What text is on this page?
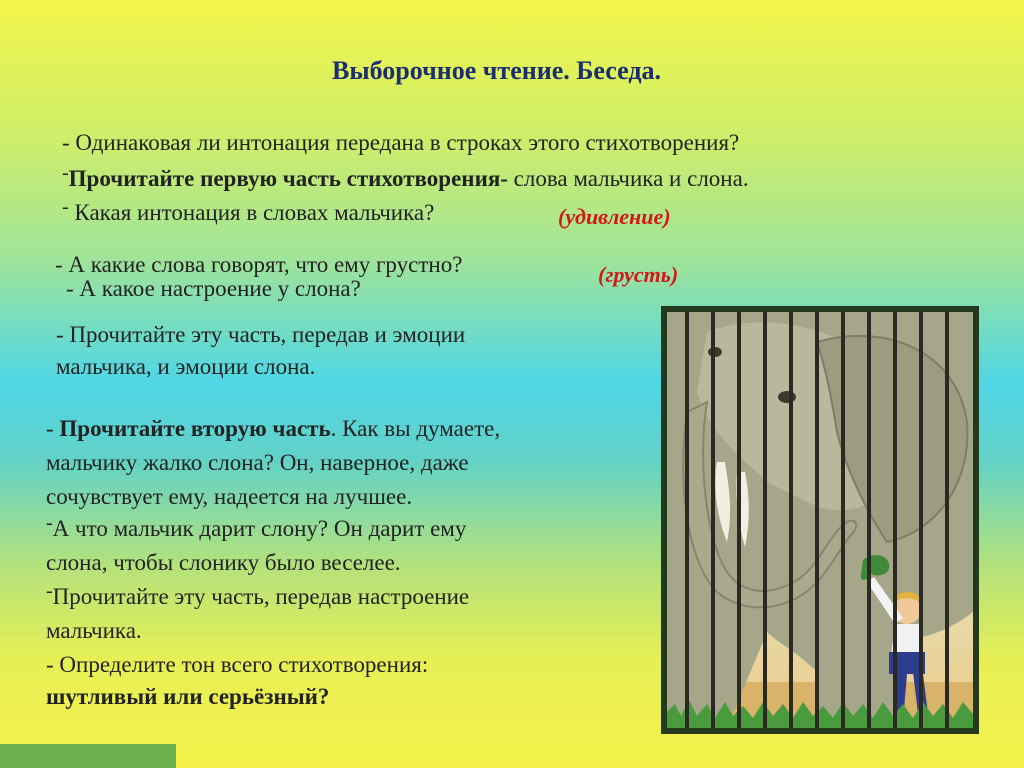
Выборочное чтение. Беседа.
- Одинаковая ли интонация передана в строках этого стихотворения?
-Прочитайте первую часть стихотворения- слова мальчика и слона.
- Какая интонация в словах мальчика?	(удивление)
- А какие слова говорят, что ему грустно?	(грусть)
- А какое настроение у слона?
- Прочитайте эту часть, передав и эмоции
мальчика, и эмоции слона.
- Прочитайте вторую часть. Как вы думаете,
мальчику жалко слона? Он, наверное, даже
сочувствует ему, надеется на лучшее.
-А что мальчик дарит слону? Он дарит ему
слона, чтобы слонику было веселее.
-Прочитайте эту часть, передав настроение
мальчика.
- Определите тон всего стихотворения:
шутливый или серьёзный?
